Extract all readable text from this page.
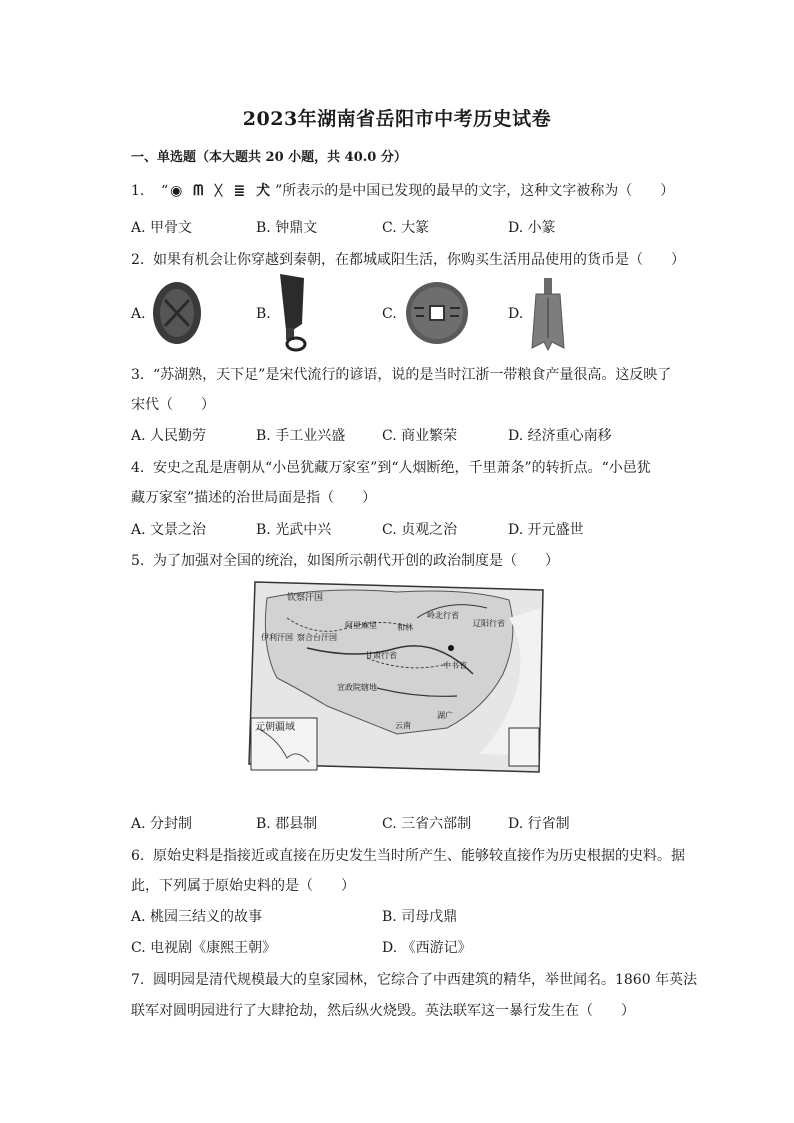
2023年湖南省岳阳市中考历史试卷
一、单选题（本大题共 20 小题，共 40.0 分）
1. “ ◉ ᗰ ᚷ ≣ 犬 ”所表示的是中国已发现的最早的文字，这种文字被称为（　　）
A. 甲骨文	B. 钟鼎文	C. 大篆	D. 小篆
2. 如果有机会让你穿越到秦朝，在都城咸阳生活，你购买生活用品使用的货币是（　　）
A.	B.	C.	D.
3. “苏湖熟，天下足”是宋代流行的谚语，说的是当时江浙一带粮食产量很高。这反映了
宋代（　　）
A. 人民勤劳	B. 手工业兴盛	C. 商业繁荣	D. 经济重心南移
4. 安史之乱是唐朝从“小邑犹藏万家室”到“人烟断绝，千里萧条”的转折点。“小邑犹
藏万家室”描述的治世局面是指（　　）
A. 文景之治	B. 光武中兴	C. 贞观之治	D. 开元盛世
5. 为了加强对全国的统治，如图所示朝代开创的政治制度是（　　）
钦察汗国
阿里麻里	和林
伊利汗国 察合台汗国
岭北行省
甘肃行省
宣政院辖地
元朝疆域
中书省
辽阳行省
云南
湖广
A. 分封制	B. 郡县制	C. 三省六部制	D. 行省制
6. 原始史料是指接近或直接在历史发生当时所产生、能够较直接作为历史根据的史料。据
此，下列属于原始史料的是（　　）
A. 桃园三结义的故事	B. 司母戊鼎
C. 电视剧《康熙王朝》	D. 《西游记》
7. 圆明园是清代规模最大的皇家园林，它综合了中西建筑的精华，举世闻名。1860 年英法
联军对圆明园进行了大肆抢劫，然后纵火烧毁。英法联军这一暴行发生在（　　）
